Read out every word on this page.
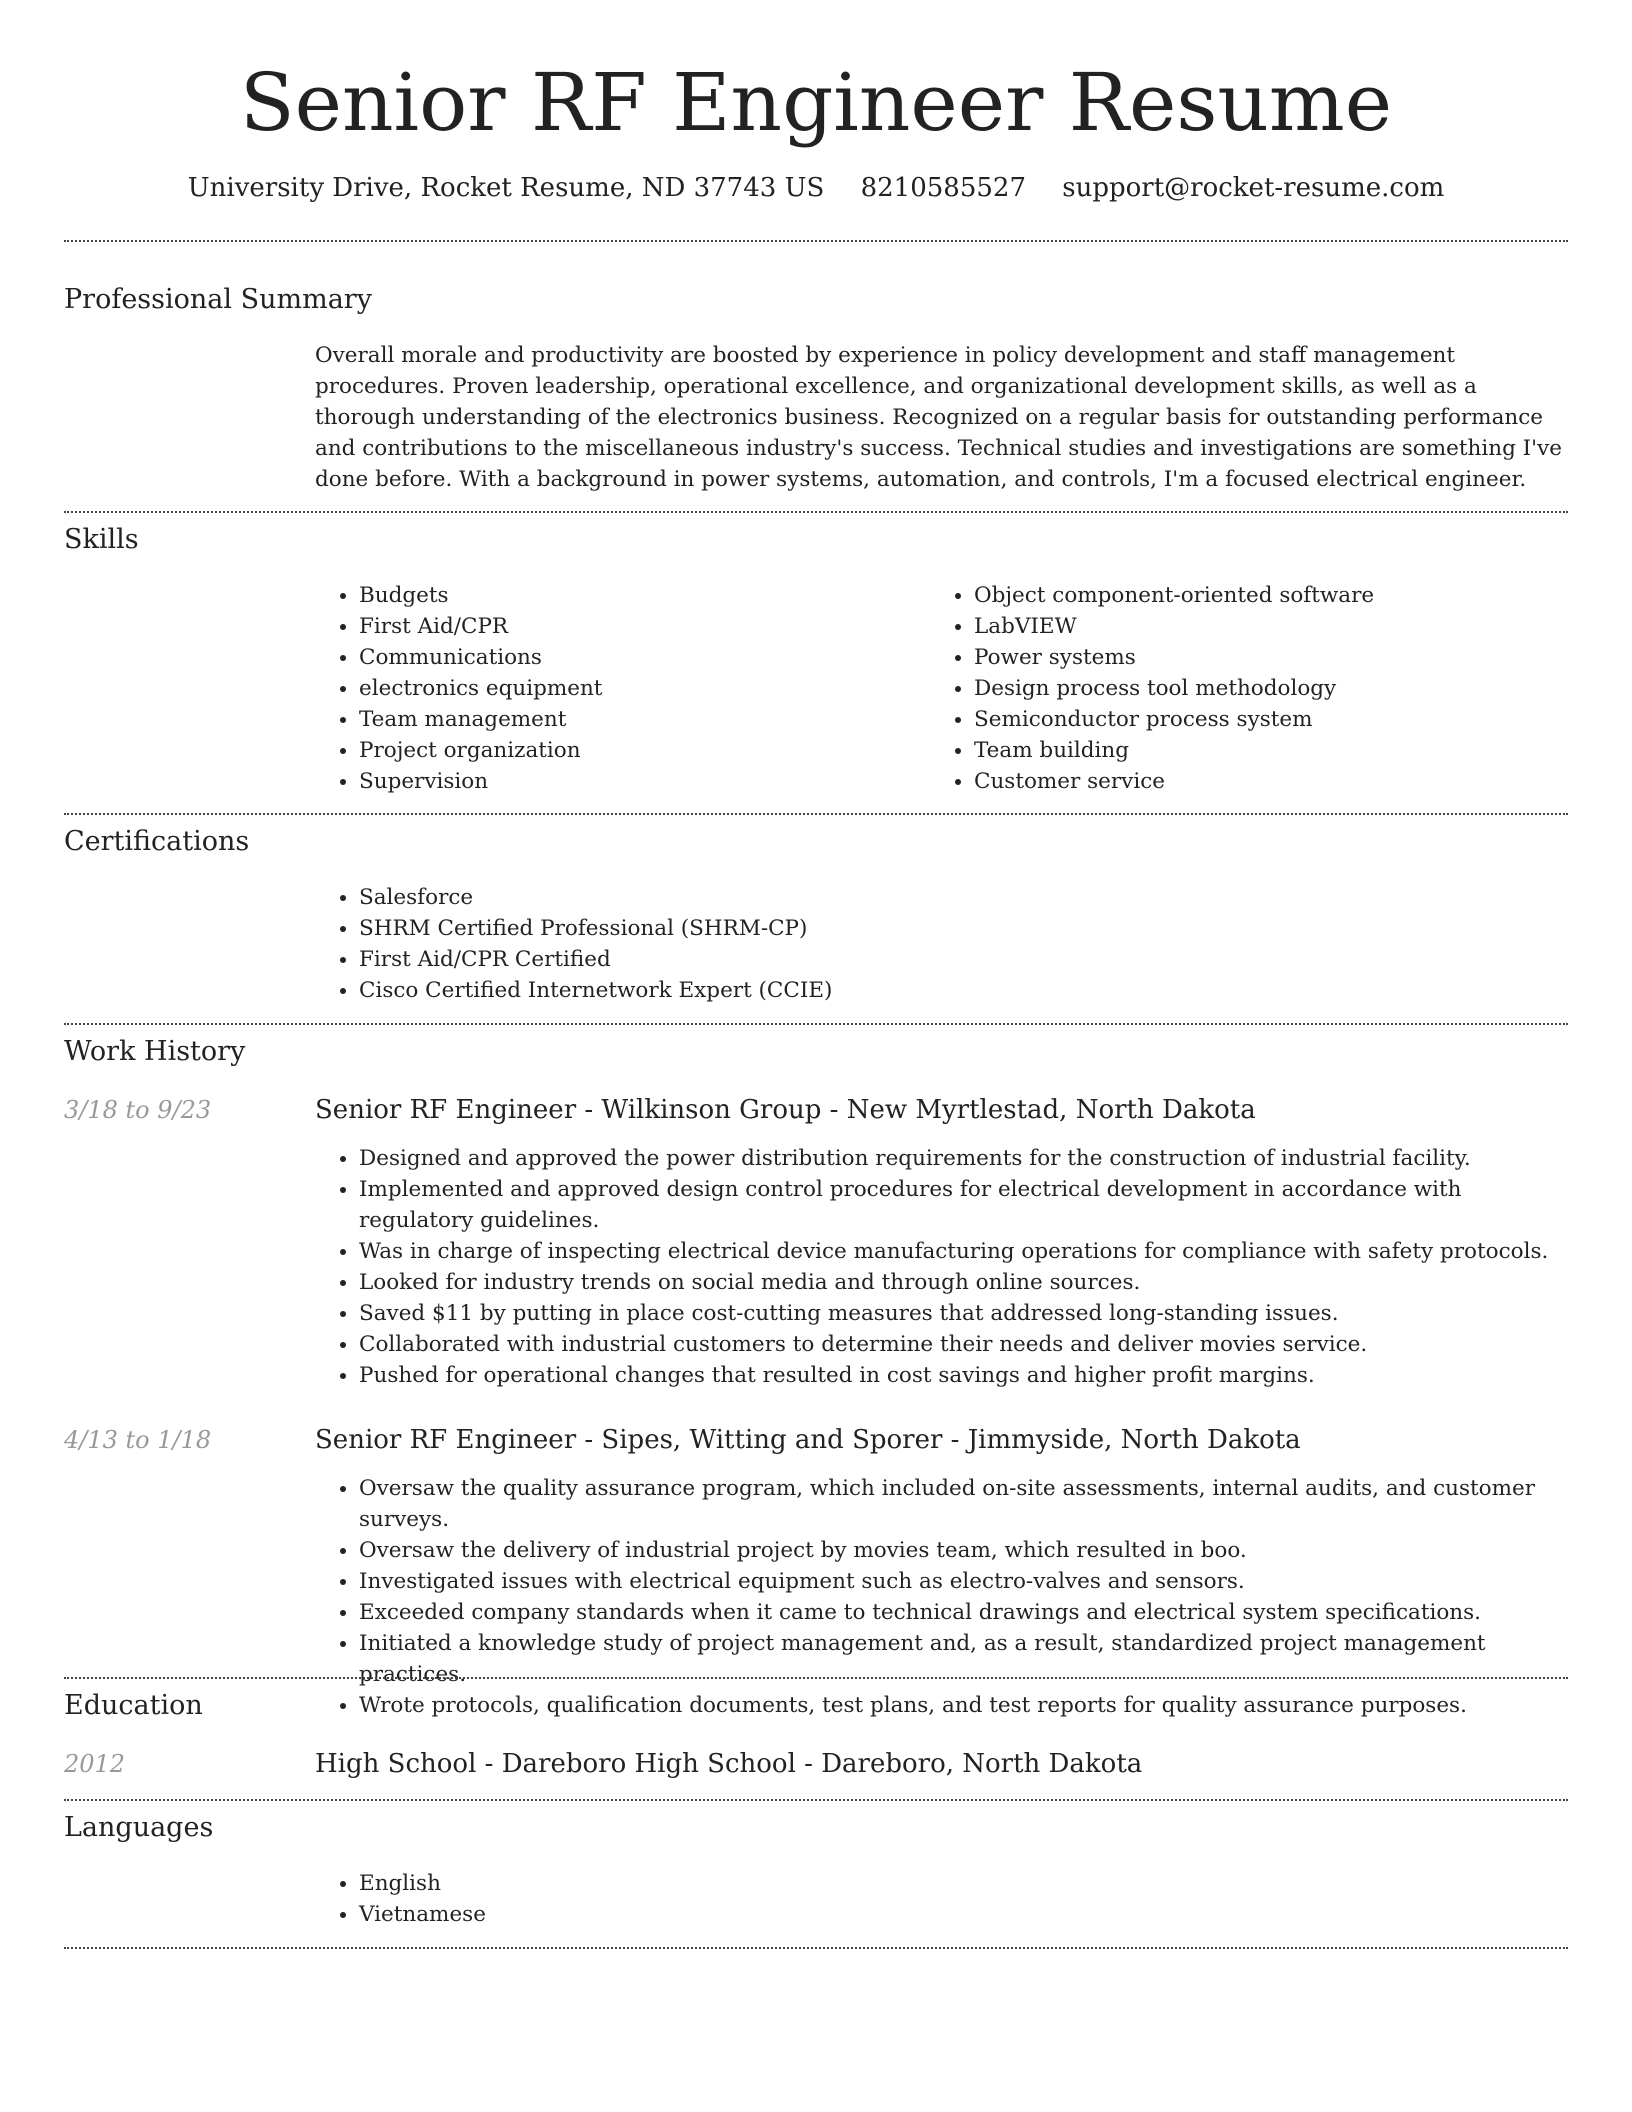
Senior RF Engineer Resume
University Drive, Rocket Resume, ND 37743 US 8210585527 support@rocket-resume.com
Professional Summary

Overall morale and productivity are boosted by experience in policy development and staff management procedures. Proven leadership, operational excellence, and organizational development skills, as well as a thorough understanding of the electronics business. Recognized on a regular basis for outstanding performance and contributions to the miscellaneous industry's success. Technical studies and investigations are something I've done before. With a background in power systems, automation, and controls, I'm a focused electrical engineer.

Skills
• Budgets
• First Aid/CPR
• Communications
• electronics equipment
• Team management
• Project organization
• Supervision
• Object component-oriented software
• LabVIEW
• Power systems
• Design process tool methodology
• Semiconductor process system
• Team building
• Customer service
Certifications
• Salesforce
• SHRM Certified Professional (SHRM-CP)
• First Aid/CPR Certified
• Cisco Certified Internetwork Expert (CCIE)
Work History
3/18 to 9/23	Senior RF Engineer - Wilkinson Group - New Myrtlestad, North Dakota
• Designed and approved the power distribution requirements for the construction of industrial facility.
• Implemented and approved design control procedures for electrical development in accordance with regulatory guidelines.
• Was in charge of inspecting electrical device manufacturing operations for compliance with safety protocols.
• Looked for industry trends on social media and through online sources.
• Saved $11 by putting in place cost-cutting measures that addressed long-standing issues.
• Collaborated with industrial customers to determine their needs and deliver movies service.
• Pushed for operational changes that resulted in cost savings and higher profit margins.
4/13 to 1/18	Senior RF Engineer - Sipes, Witting and Sporer - Jimmyside, North Dakota
• Oversaw the quality assurance program, which included on-site assessments, internal audits, and customer surveys.
• Oversaw the delivery of industrial project by movies team, which resulted in boo.
• Investigated issues with electrical equipment such as electro-valves and sensors.
• Exceeded company standards when it came to technical drawings and electrical system specifications.
• Initiated a knowledge study of project management and, as a result, standardized project management practices.
• Wrote protocols, qualification documents, test plans, and test reports for quality assurance purposes.
Education
2012	High School - Dareboro High School - Dareboro, North Dakota
Languages
• English
• Vietnamese
